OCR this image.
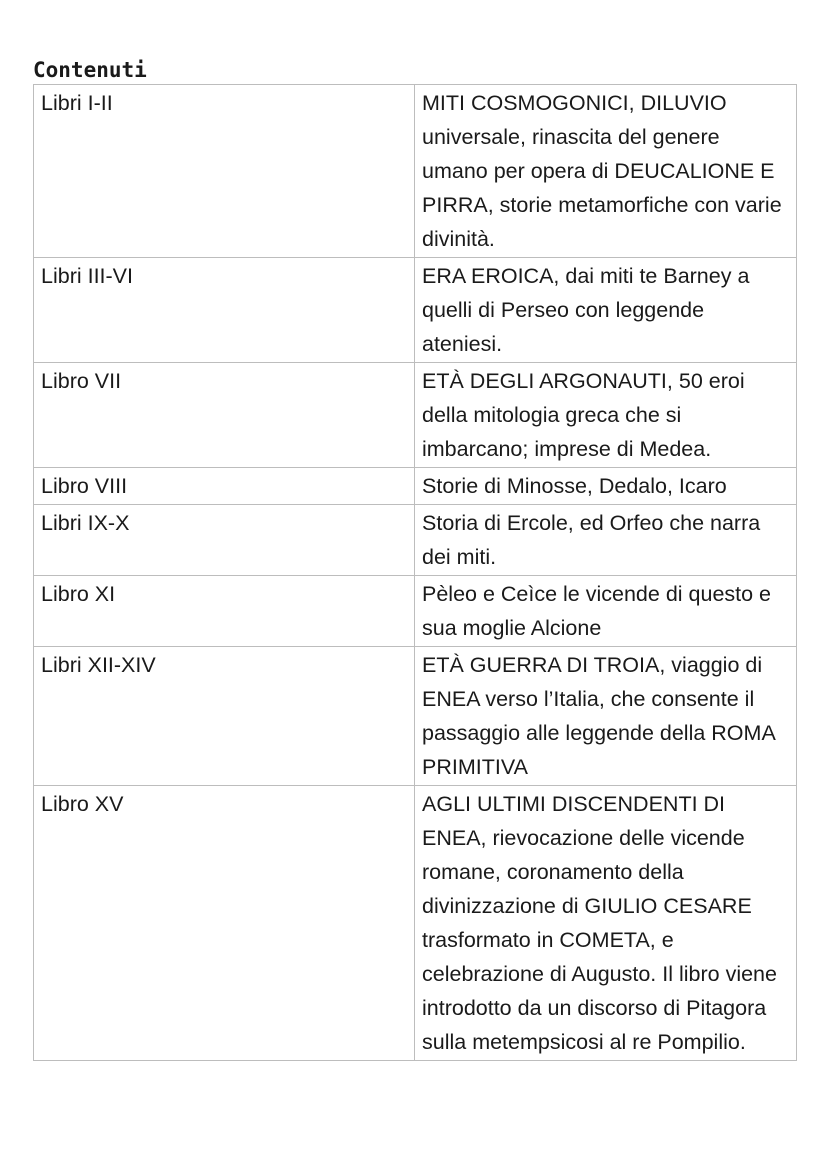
Contenuti
Libri I-II	MITI COSMOGONICI, DILUVIO universale, rinascita del genere umano per opera di DEUCALIONE E PIRRA, storie metamorfiche con varie divinità.
Libri III-VI	ERA EROICA, dai miti te Barney a quelli di Perseo con leggende ateniesi.
Libro VII	ETÀ DEGLI ARGONAUTI, 50 eroi della mitologia greca che si imbarcano; imprese di Medea.
Libro VIII	Storie di Minosse, Dedalo, Icaro
Libri IX-X	Storia di Ercole, ed Orfeo che narra dei miti.
Libro XI	Pèleo e Ceìce le vicende di questo e sua moglie Alcione
Libri XII-XIV	ETÀ GUERRA DI TROIA, viaggio di ENEA verso l’Italia, che consente il passaggio alle leggende della ROMA PRIMITIVA
Libro XV	AGLI ULTIMI DISCENDENTI DI ENEA, rievocazione delle vicende romane, coronamento della divinizzazione di GIULIO CESARE trasformato in COMETA, e celebrazione di Augusto. Il libro viene introdotto da un discorso di Pitagora sulla metempsicosi al re Pompilio.
